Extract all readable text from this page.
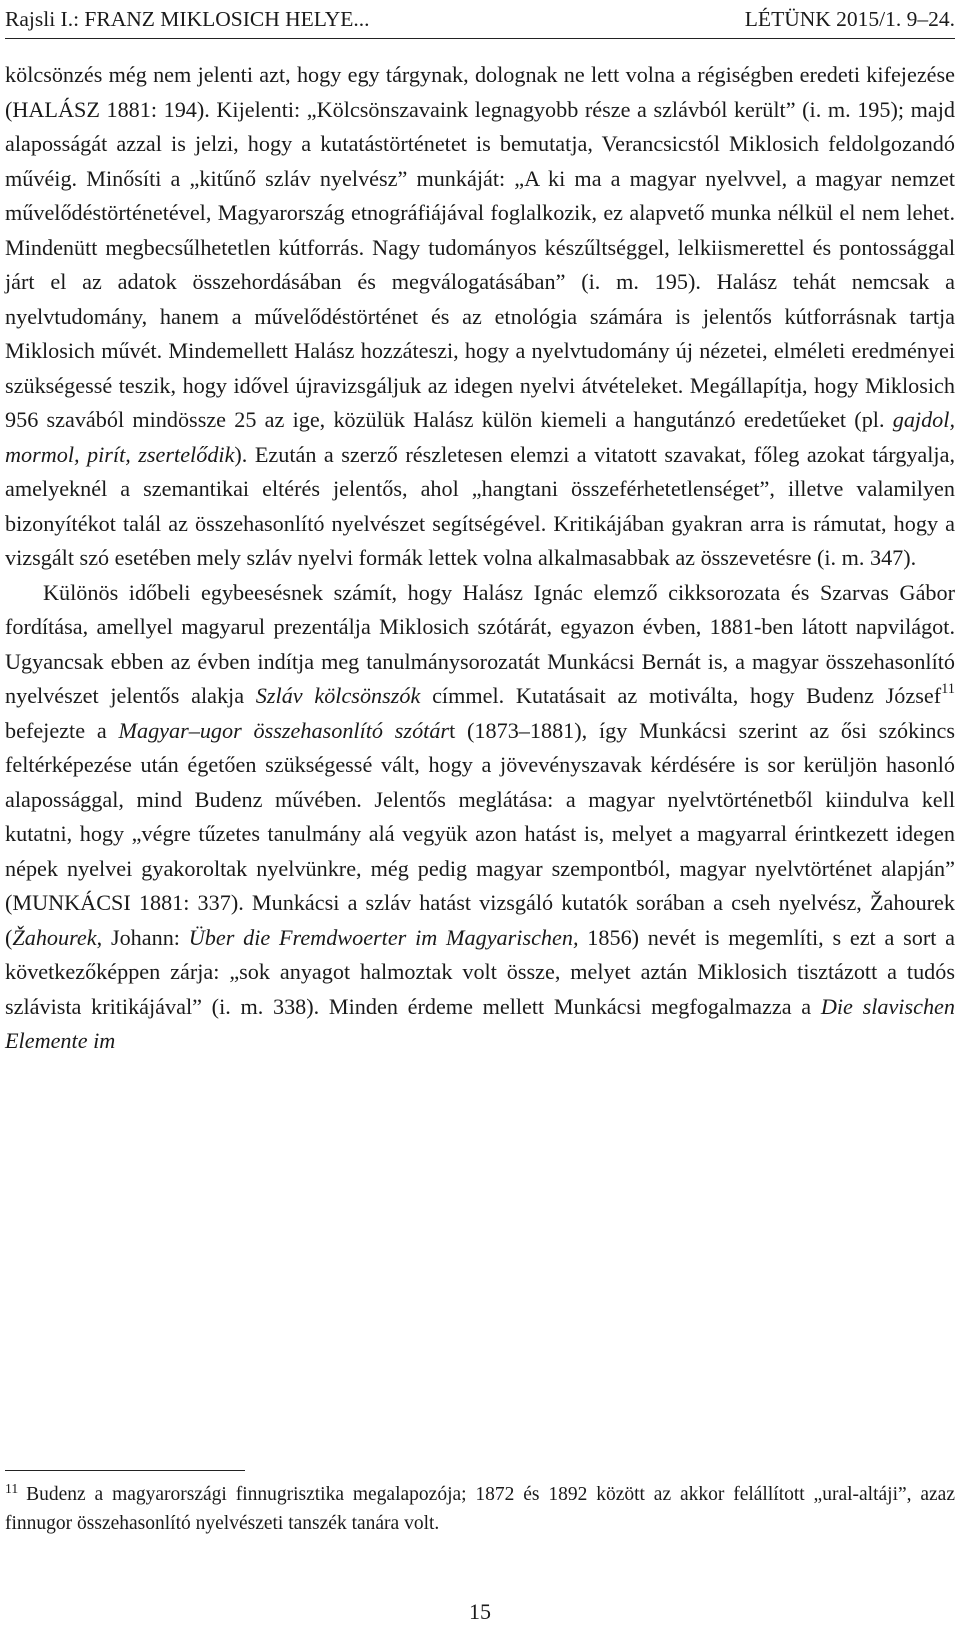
Rajsli I.: FRANZ MIKLOSICH HELYE...	LÉTÜNK 2015/1. 9–24.

kölcsönzés még nem jelenti azt, hogy egy tárgynak, dolognak ne lett volna a régiségben eredeti kifejezése (HALÁSZ 1881: 194). Kijelenti: „Kölcsönszavaink legnagyobb része a szlávból került” (i. m. 195); majd alaposságát azzal is jelzi, hogy a kutatástörténetet is bemutatja, Verancsicstól Miklosich feldolgozandó művéig. Minősíti a „kitűnő szláv nyelvész” munkáját: „A ki ma a magyar nyelvvel, a magyar nemzet művelődéstörténetével, Magyarország etnográfiájával foglalkozik, ez alapvető munka nélkül el nem lehet. Mindenütt megbecsűlhetetlen kútforrás. Nagy tudományos készűltséggel, lelkiismerettel és pontossággal járt el az adatok összehordásában és megválogatásában” (i. m. 195). Halász tehát nemcsak a nyelvtudomány, hanem a művelődéstörténet és az etnológia számára is jelentős kútforrásnak tartja Miklosich művét. Mindemellett Halász hozzáteszi, hogy a nyelvtudomány új nézetei, elméleti eredményei szükségessé teszik, hogy idővel újravizsgáljuk az idegen nyelvi átvételeket. Megállapítja, hogy Miklosich 956 szavából mindössze 25 az ige, közülük Halász külön kiemeli a hangutánzó eredetűeket (pl. gajdol, mormol, pirít, zsertelődik). Ezután a szerző részletesen elemzi a vitatott szavakat, főleg azokat tárgyalja, amelyeknél a szemantikai eltérés jelentős, ahol „hangtani összeférhetetlenséget”, illetve valamilyen bizonyítékot talál az összehasonlító nyelvészet segítségével. Kritikájában gyakran arra is rámutat, hogy a vizsgált szó esetében mely szláv nyelvi formák lettek volna alkalmasabbak az összevetésre (i. m. 347).

Különös időbeli egybeesésnek számít, hogy Halász Ignác elemző cikksorozata és Szarvas Gábor fordítása, amellyel magyarul prezentálja Miklosich szótárát, egyazon évben, 1881-ben látott napvilágot. Ugyancsak ebben az évben indítja meg tanulmánysorozatát Munkácsi Bernát is, a magyar összehasonlító nyelvészet jelentős alakja Szláv kölcsönszók címmel. Kutatásait az motiválta, hogy Budenz József$^{11}$ befejezte a Magyar–ugor összehasonlító szótárt (1873–1881), így Munkácsi szerint az ősi szókincs feltérképezése után égetően szükségessé vált, hogy a jövevényszavak kérdésére is sor kerüljön hasonló alapossággal, mind Budenz művében. Jelentős meglátása: a magyar nyelvtörténetből kiindulva kell kutatni, hogy „végre tűzetes tanulmány alá vegyük azon hatást is, melyet a magyarral érintkezett idegen népek nyelvei gyakoroltak nyelvünkre, még pedig magyar szempontból, magyar nyelvtörténet alapján” (MUNKÁCSI 1881: 337). Munkácsi a szláv hatást vizsgáló kutatók sorában a cseh nyelvész, Žahourek (Žahourek, Johann: Über die Fremdwoerter im Magyarischen, 1856) nevét is megemlíti, s ezt a sort a következőképpen zárja: „sok anyagot halmoztak volt össze, melyet aztán Miklosich tisztázott a tudós szlávista kritikájával” (i. m. 338). Minden érdeme mellett Munkácsi megfogalmazza a Die slavischen Elemente im

$^{11}$ Budenz a magyarországi finnugrisztika megalapozója; 1872 és 1892 között az akkor felállított „ural-altáji”, azaz finnugor összehasonlító nyelvészeti tanszék tanára volt.
15
